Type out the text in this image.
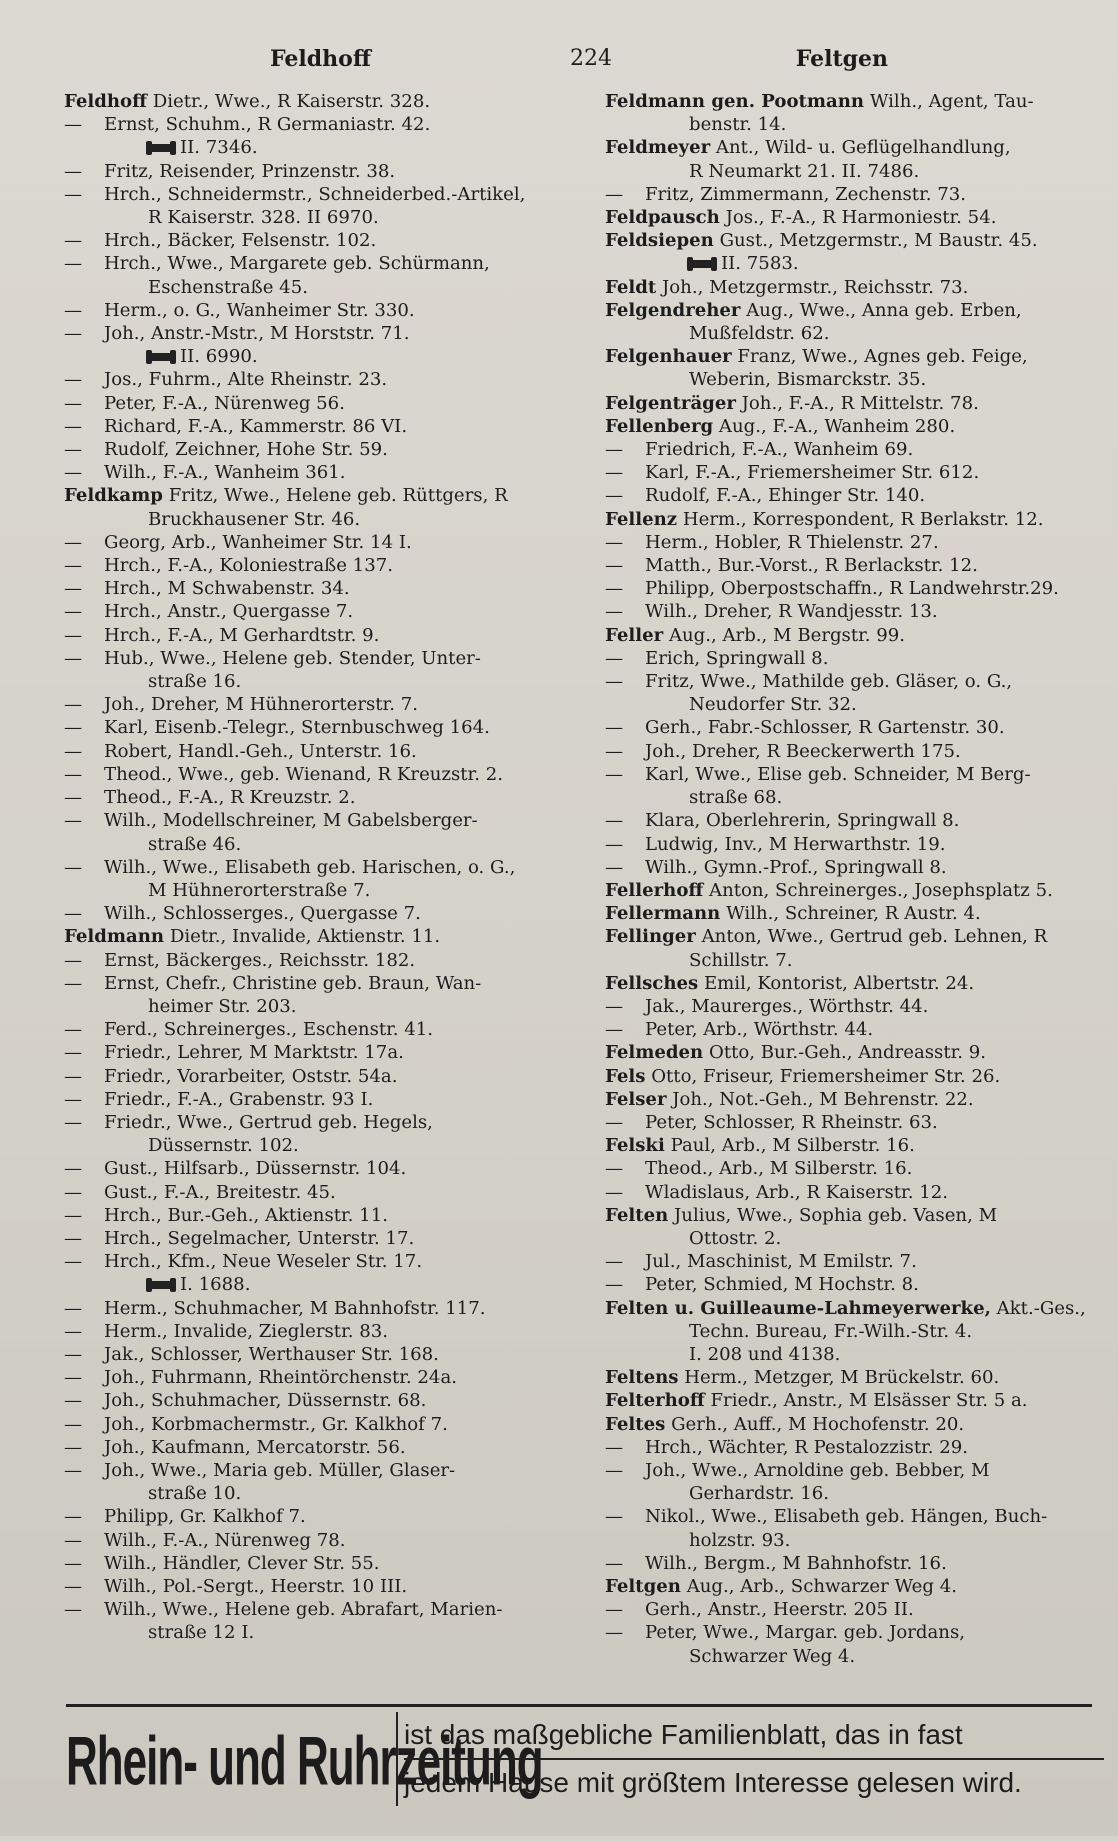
Feldhoff	224	Feltgen
Feldhoff Dietr., Wwe., R Kaiserstr. 328.
— Ernst, Schuhm., R Germaniastr. 42.
II. 7346.
— Fritz, Reisender, Prinzenstr. 38.
— Hrch., Schneidermstr., Schneiderbed.-Artikel,
R Kaiserstr. 328. II 6970.
— Hrch., Bäcker, Felsenstr. 102.
— Hrch., Wwe., Margarete geb. Schürmann,
Eschenstraße 45.
— Herm., o. G., Wanheimer Str. 330.
— Joh., Anstr.-Mstr., M Horststr. 71.
II. 6990.
— Jos., Fuhrm., Alte Rheinstr. 23.
— Peter, F.-A., Nürenweg 56.
— Richard, F.-A., Kammerstr. 86 VI.
— Rudolf, Zeichner, Hohe Str. 59.
— Wilh., F.-A., Wanheim 361.
Feldkamp Fritz, Wwe., Helene geb. Rüttgers, R
Bruckhausener Str. 46.
— Georg, Arb., Wanheimer Str. 14 I.
— Hrch., F.-A., Koloniestraße 137.
— Hrch., M Schwabenstr. 34.
— Hrch., Anstr., Quergasse 7.
— Hrch., F.-A., M Gerhardtstr. 9.
— Hub., Wwe., Helene geb. Stender, Unter-
straße 16.
— Joh., Dreher, M Hühnerorterstr. 7.
— Karl, Eisenb.-Telegr., Sternbuschweg 164.
— Robert, Handl.-Geh., Unterstr. 16.
— Theod., Wwe., geb. Wienand, R Kreuzstr. 2.
— Theod., F.-A., R Kreuzstr. 2.
— Wilh., Modellschreiner, M Gabelsberger-
straße 46.
— Wilh., Wwe., Elisabeth geb. Harischen, o. G.,
M Hühnerorterstraße 7.
— Wilh., Schlosserges., Quergasse 7.
Feldmann Dietr., Invalide, Aktienstr. 11.
— Ernst, Bäckerges., Reichsstr. 182.
— Ernst, Chefr., Christine geb. Braun, Wan-
heimer Str. 203.
— Ferd., Schreinerges., Eschenstr. 41.
— Friedr., Lehrer, M Marktstr. 17a.
— Friedr., Vorarbeiter, Oststr. 54a.
— Friedr., F.-A., Grabenstr. 93 I.
— Friedr., Wwe., Gertrud geb. Hegels,
Düssernstr. 102.
— Gust., Hilfsarb., Düssernstr. 104.
— Gust., F.-A., Breitestr. 45.
— Hrch., Bur.-Geh., Aktienstr. 11.
— Hrch., Segelmacher, Unterstr. 17.
— Hrch., Kfm., Neue Weseler Str. 17.
I. 1688.
— Herm., Schuhmacher, M Bahnhofstr. 117.
— Herm., Invalide, Zieglerstr. 83.
— Jak., Schlosser, Werthauser Str. 168.
— Joh., Fuhrmann, Rheintörchenstr. 24a.
— Joh., Schuhmacher, Düssernstr. 68.
— Joh., Korbmachermstr., Gr. Kalkhof 7.
— Joh., Kaufmann, Mercatorstr. 56.
— Joh., Wwe., Maria geb. Müller, Glaser-
straße 10.
— Philipp, Gr. Kalkhof 7.
— Wilh., F.-A., Nürenweg 78.
— Wilh., Händler, Clever Str. 55.
— Wilh., Pol.-Sergt., Heerstr. 10 III.
— Wilh., Wwe., Helene geb. Abrafart, Marien-
straße 12 I.
Feldmann gen. Pootmann Wilh., Agent, Tau-
benstr. 14.
Feldmeyer Ant., Wild- u. Geflügelhandlung,
R Neumarkt 21. II. 7486.
— Fritz, Zimmermann, Zechenstr. 73.
Feldpausch Jos., F.-A., R Harmoniestr. 54.
Feldsiepen Gust., Metzgermstr., M Baustr. 45.
II. 7583.
Feldt Joh., Metzgermstr., Reichsstr. 73.
Felgendreher Aug., Wwe., Anna geb. Erben,
Mußfeldstr. 62.
Felgenhauer Franz, Wwe., Agnes geb. Feige,
Weberin, Bismarckstr. 35.
Felgenträger Joh., F.-A., R Mittelstr. 78.
Fellenberg Aug., F.-A., Wanheim 280.
— Friedrich, F.-A., Wanheim 69.
— Karl, F.-A., Friemersheimer Str. 612.
— Rudolf, F.-A., Ehinger Str. 140.
Fellenz Herm., Korrespondent, R Berlakstr. 12.
— Herm., Hobler, R Thielenstr. 27.
— Matth., Bur.-Vorst., R Berlackstr. 12.
— Philipp, Oberpostschaffn., R Landwehrstr.29.
— Wilh., Dreher, R Wandjesstr. 13.
Feller Aug., Arb., M Bergstr. 99.
— Erich, Springwall 8.
— Fritz, Wwe., Mathilde geb. Gläser, o. G.,
Neudorfer Str. 32.
— Gerh., Fabr.-Schlosser, R Gartenstr. 30.
— Joh., Dreher, R Beeckerwerth 175.
— Karl, Wwe., Elise geb. Schneider, M Berg-
straße 68.
— Klara, Oberlehrerin, Springwall 8.
— Ludwig, Inv., M Herwarthstr. 19.
— Wilh., Gymn.-Prof., Springwall 8.
Fellerhoff Anton, Schreinerges., Josephsplatz 5.
Fellermann Wilh., Schreiner, R Austr. 4.
Fellinger Anton, Wwe., Gertrud geb. Lehnen, R
Schillstr. 7.
Fellsches Emil, Kontorist, Albertstr. 24.
— Jak., Maurerges., Wörthstr. 44.
— Peter, Arb., Wörthstr. 44.
Felmeden Otto, Bur.-Geh., Andreasstr. 9.
Fels Otto, Friseur, Friemersheimer Str. 26.
Felser Joh., Not.-Geh., M Behrenstr. 22.
— Peter, Schlosser, R Rheinstr. 63.
Felski Paul, Arb., M Silberstr. 16.
— Theod., Arb., M Silberstr. 16.
— Wladislaus, Arb., R Kaiserstr. 12.
Felten Julius, Wwe., Sophia geb. Vasen, M
Ottostr. 2.
— Jul., Maschinist, M Emilstr. 7.
— Peter, Schmied, M Hochstr. 8.
Felten u. Guilleaume-Lahmeyerwerke, Akt.-Ges.,
Techn. Bureau, Fr.-Wilh.-Str. 4.
I. 208 und 4138.
Feltens Herm., Metzger, M Brückelstr. 60.
Felterhoff Friedr., Anstr., M Elsässer Str. 5 a.
Feltes Gerh., Auff., M Hochofenstr. 20.
— Hrch., Wächter, R Pestalozzistr. 29.
— Joh., Wwe., Arnoldine geb. Bebber, M
Gerhardstr. 16.
— Nikol., Wwe., Elisabeth geb. Hängen, Buch-
holzstr. 93.
— Wilh., Bergm., M Bahnhofstr. 16.
Feltgen Aug., Arb., Schwarzer Weg 4.
— Gerh., Anstr., Heerstr. 205 II.
— Peter, Wwe., Margar. geb. Jordans,
Schwarzer Weg 4.
Rhein- und Ruhrzeitung
ist das maßgebliche Familienblatt, das in fast
jedem Hause mit größtem Interesse gelesen wird.
